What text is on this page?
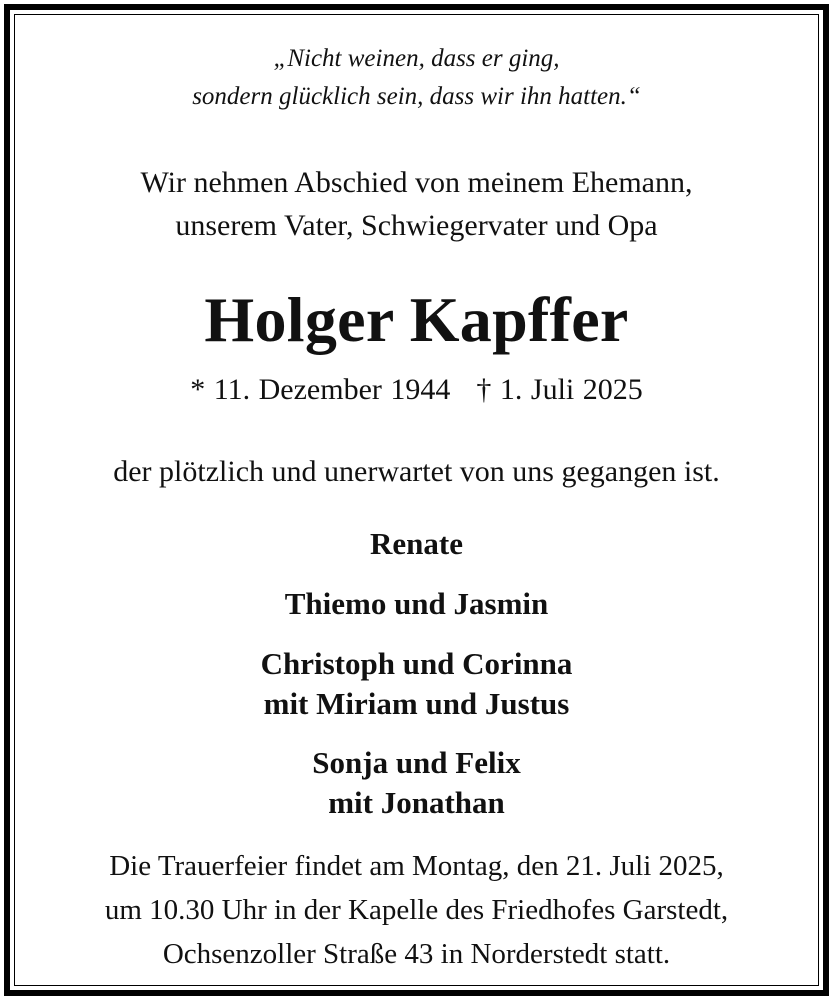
„Nicht weinen, dass er ging,
sondern glücklich sein, dass wir ihn hatten.“
Wir nehmen Abschied von meinem Ehemann,
unserem Vater, Schwiegervater und Opa
Holger Kapffer
* 11. Dezember 1944 † 1. Juli 2025
der plötzlich und unerwartet von uns gegangen ist.
Renate
Thiemo und Jasmin
Christoph und Corinna
mit Miriam und Justus
Sonja und Felix
mit Jonathan
Die Trauerfeier findet am Montag, den 21. Juli 2025,
um 10.30 Uhr in der Kapelle des Friedhofes Garstedt,
Ochsenzoller Straße 43 in Norderstedt statt.
